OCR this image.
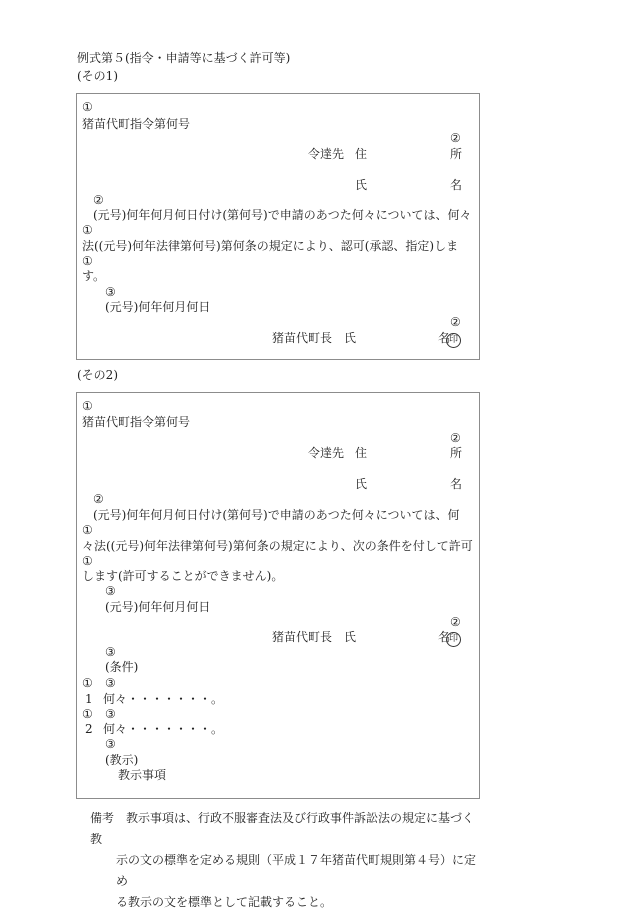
例式第５(指令・申請等に基づく許可等)
(その1)
①
猪苗代町指令第何号
②
令達先 住	所
氏	名
②
(元号)何年何月何日付け(第何号)で申請のあつた何々については、何々
①
法((元号)何年法律第何号)第何条の規定により、認可(承認、指定)しま
①
す。
③
(元号)何年何月何日
②
猪苗代町長　氏	名印
(その2)
①
猪苗代町指令第何号
②
令達先 住	所
氏	名
②
(元号)何年何月何日付け(第何号)で申請のあつた何々については、何
①
々法((元号)何年法律第何号)第何条の規定により、次の条件を付して許可
①
します(許可することができません)。
③
(元号)何年何月何日
②
猪苗代町長　氏	名印
③
(条件)
① ③
1 何々・・・・・・・。
① ③
2 何々・・・・・・・。
③
(教示)
教示事項
備考 教示事項は、行政不服審査法及び行政事件訴訟法の規定に基づく教
示の文の標準を定める規則（平成１７年猪苗代町規則第４号）に定め
る教示の文を標準として記載すること。
